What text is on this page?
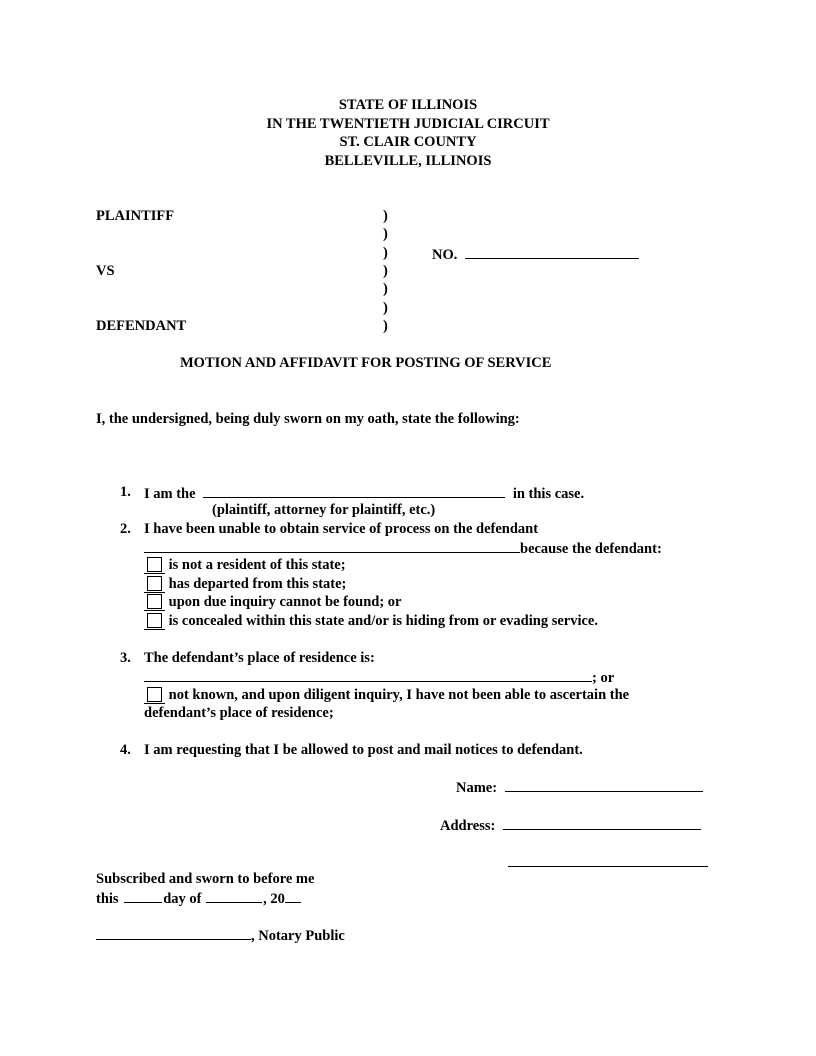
STATE OF ILLINOIS
IN THE TWENTIETH JUDICIAL CIRCUIT
ST. CLAIR COUNTY
BELLEVILLE, ILLINOIS
PLAINTIFF
VS
DEFENDANT
)
)
)
)
)
)
)
NO.
MOTION AND AFFIDAVIT FOR POSTING OF SERVICE
I, the undersigned, being duly sworn on my oath, state the following:
1. I am the	in this case.
(plaintiff, attorney for plaintiff, etc.)
2. I have been unable to obtain service of process on the defendant
because the defendant:
is not a resident of this state;
has departed from this state;
upon due inquiry cannot be found; or
is concealed within this state and/or is hiding from or evading service.
3. The defendant’s place of residence is:
; or
not known, and upon diligent inquiry, I have not been able to ascertain the
defendant’s place of residence;
4. I am requesting that I be allowed to post and mail notices to defendant.
Name:
Address:
Subscribed and sworn to before me
this	day of	, 20
, Notary Public
